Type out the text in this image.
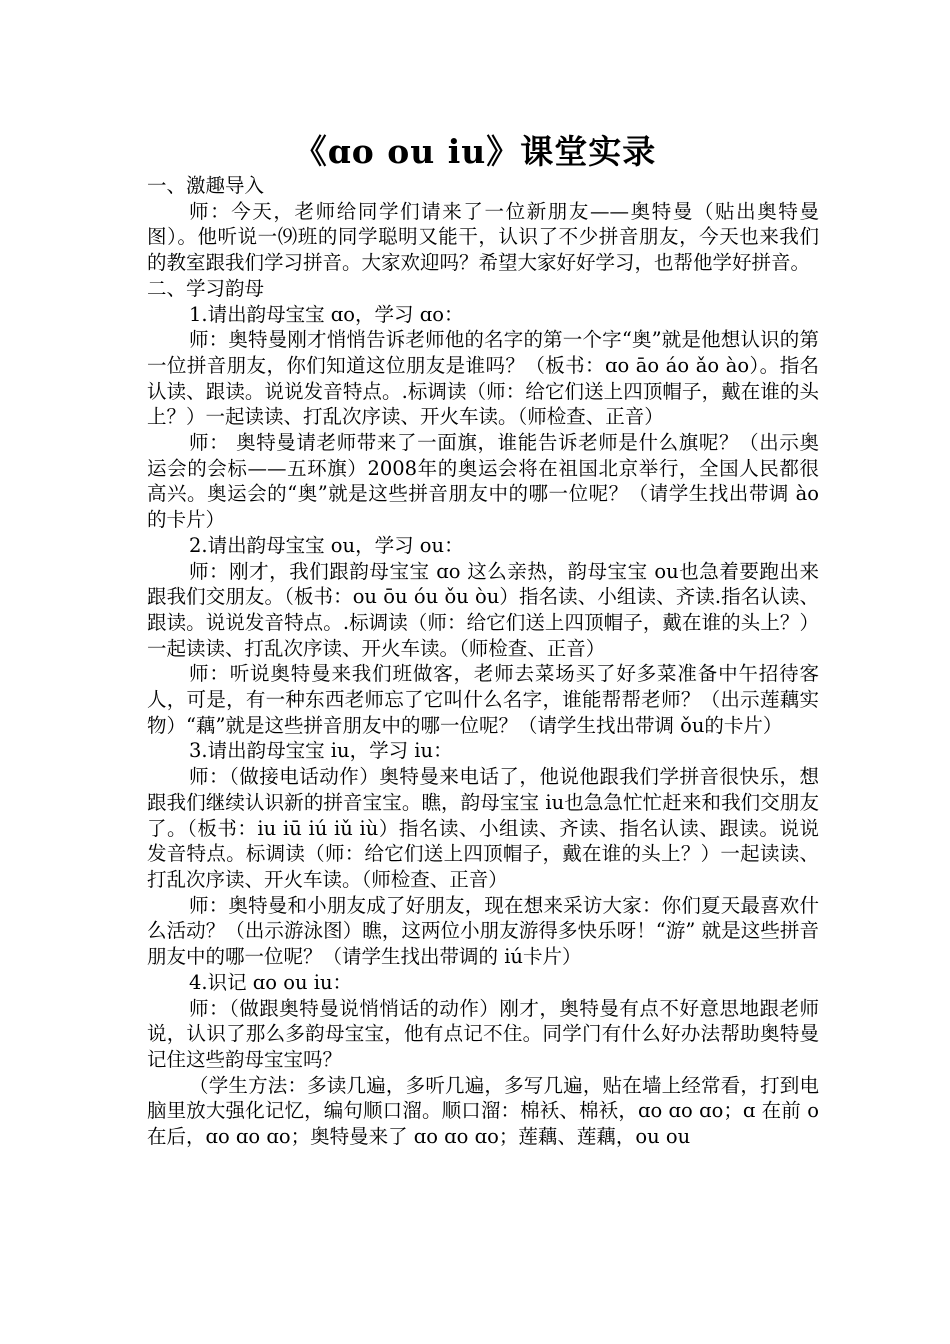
《ɑo ou iu》课堂实录

一、激趣导入

师：今天，老师给同学们请来了一位新朋友——奥特曼（贴出奥特曼图）。他听说一⑼班的同学聪明又能干，认识了不少拼音朋友，今天也来我们的教室跟我们学习拼音。大家欢迎吗？希望大家好好学习，也帮他学好拼音。

二、学习韵母

1.请出韵母宝宝 ɑo，学习 ɑo：

师：奥特曼刚才悄悄告诉老师他的名字的第一个字“奥”就是他想认识的第一位拼音朋友，你们知道这位朋友是谁吗？（板书：ɑo āo áo ǎo ào）。指名认读、跟读。说说发音特点。.标调读（师：给它们送上四顶帽子，戴在谁的头上？）一起读读、打乱次序读、开火车读。（师检查、正音）

师： 奥特曼请老师带来了一面旗，谁能告诉老师是什么旗呢？（出示奥运会的会标——五环旗）2008年的奥运会将在祖国北京举行，全国人民都很高兴。奥运会的“奥”就是这些拼音朋友中的哪一位呢？（请学生找出带调 ào的卡片）

2.请出韵母宝宝 ou，学习 ou：

师：刚才，我们跟韵母宝宝 ɑo 这么亲热，韵母宝宝 ou也急着要跑出来跟我们交朋友。（板书：ou ōu óu ǒu òu）指名读、小组读、齐读.指名认读、跟读。说说发音特点。.标调读（师：给它们送上四顶帽子，戴在谁的头上？）一起读读、打乱次序读、开火车读。（师检查、正音）

师：听说奥特曼来我们班做客，老师去菜场买了好多菜准备中午招待客人，可是，有一种东西老师忘了它叫什么名字，谁能帮帮老师？（出示莲藕实物）“藕”就是这些拼音朋友中的哪一位呢？（请学生找出带调 ǒu的卡片）

3.请出韵母宝宝 iu，学习 iu：

师：（做接电话动作）奥特曼来电话了，他说他跟我们学拼音很快乐，想跟我们继续认识新的拼音宝宝。瞧，韵母宝宝 iu也急急忙忙赶来和我们交朋友了。（板书：iu iū iú iǔ iù）指名读、小组读、齐读、指名认读、跟读。说说发音特点。标调读（师：给它们送上四顶帽子，戴在谁的头上？）一起读读、打乱次序读、开火车读。（师检查、正音）

师：奥特曼和小朋友成了好朋友，现在想来采访大家：你们夏天最喜欢什么活动？（出示游泳图）瞧，这两位小朋友游得多快乐呀！“游” 就是这些拼音朋友中的哪一位呢？（请学生找出带调的 iú卡片）

4.识记 ɑo ou iu：

师：（做跟奥特曼说悄悄话的动作）刚才，奥特曼有点不好意思地跟老师说，认识了那么多韵母宝宝，他有点记不住。同学门有什么好办法帮助奥特曼记住这些韵母宝宝吗？

（学生方法：多读几遍，多听几遍，多写几遍，贴在墙上经常看，打到电脑里放大强化记忆，编句顺口溜。顺口溜：棉袄、棉袄，ɑo ɑo ɑo；ɑ 在前 o 在后，ɑo ɑo ɑo；奥特曼来了 ɑo ɑo ɑo；莲藕、莲藕，ou ou
